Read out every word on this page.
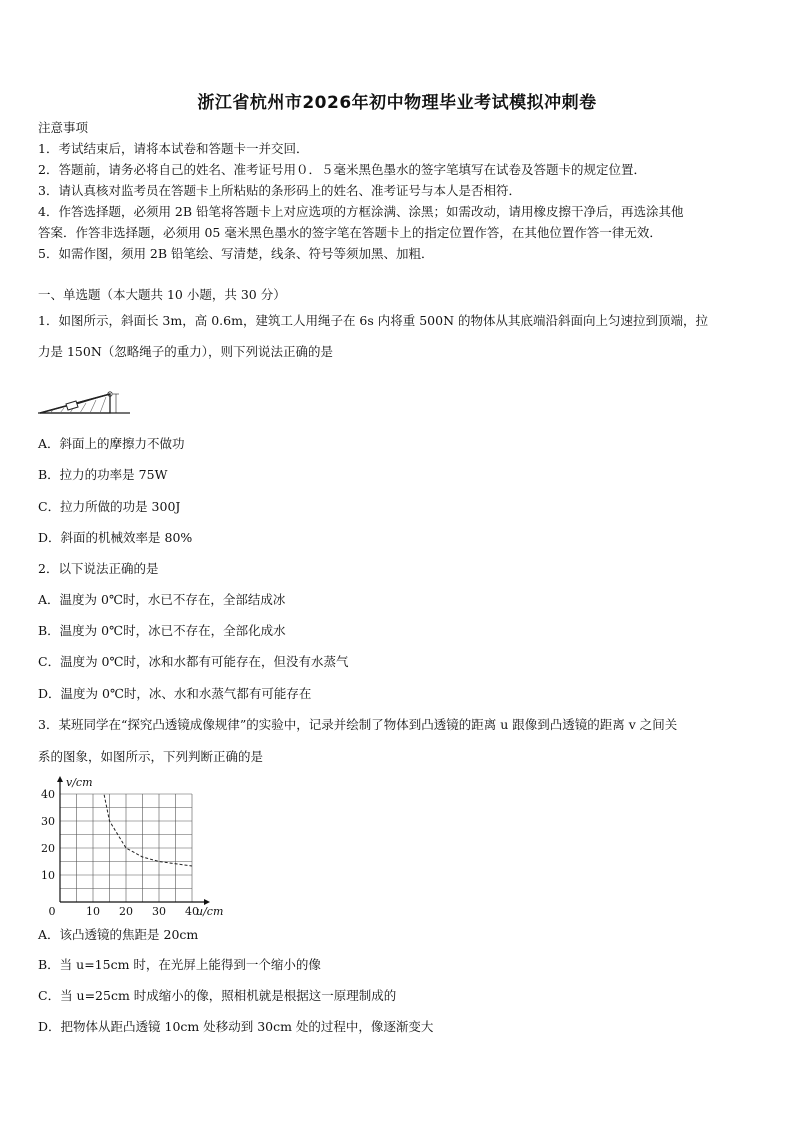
浙江省杭州市2026年初中物理毕业考试模拟冲刺卷
注意事项
1．考试结束后，请将本试卷和答题卡一并交回．
2．答题前，请务必将自己的姓名、准考证号用０．５毫米黑色墨水的签字笔填写在试卷及答题卡的规定位置．
3．请认真核对监考员在答题卡上所粘贴的条形码上的姓名、准考证号与本人是否相符．
4．作答选择题，必须用 2B 铅笔将答题卡上对应选项的方框涂满、涂黑；如需改动，请用橡皮擦干净后，再选涂其他
答案．作答非选择题，必须用 05 毫米黑色墨水的签字笔在答题卡上的指定位置作答，在其他位置作答一律无效．
5．如需作图，须用 2B 铅笔绘、写清楚，线条、符号等须加黑、加粗．
一、单选题（本大题共 10 小题，共 30 分）
1．如图所示，斜面长 3m，高 0.6m，建筑工人用绳子在 6s 内将重 500N 的物体从其底端沿斜面向上匀速拉到顶端，拉
力是 150N（忽略绳子的重力），则下列说法正确的是
A．斜面上的摩擦力不做功
B．拉力的功率是 75W
C．拉力所做的功是 300J
D．斜面的机械效率是 80%
2．以下说法正确的是
A．温度为 0℃时，水已不存在，全部结成冰
B．温度为 0℃时，冰已不存在，全部化成水
C．温度为 0℃时，冰和水都有可能存在，但没有水蒸气
D．温度为 0℃时，冰、水和水蒸气都有可能存在
3．某班同学在“探究凸透镜成像规律”的实验中，记录并绘制了物体到凸透镜的距离 u 跟像到凸透镜的距离 v 之间关
系的图象，如图所示，下列判断正确的是
0	10 20 30 40
10
20
30
40
u/cm
v/cm
A．该凸透镜的焦距是 20cm
B．当 u=15cm 时，在光屏上能得到一个缩小的像
C．当 u=25cm 时成缩小的像，照相机就是根据这一原理制成的
D．把物体从距凸透镜 10cm 处移动到 30cm 处的过程中，像逐渐变大
